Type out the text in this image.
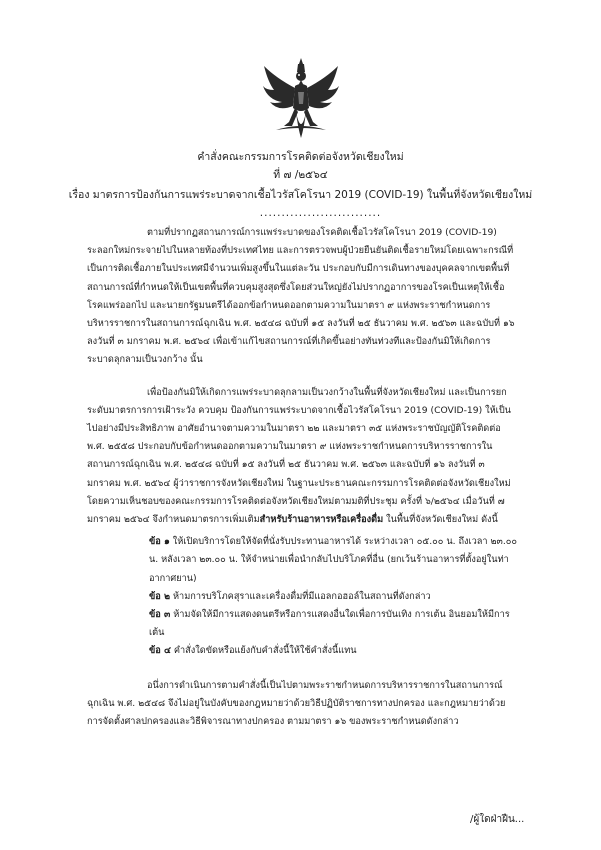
คำสั่งคณะกรรมการโรคติดต่อจังหวัดเชียงใหม่
ที่ ๗ /๒๕๖๔
เรื่อง มาตรการป้องกันการแพร่ระบาดจากเชื้อไวรัสโคโรนา 2019 (COVID-19) ในพื้นที่จังหวัดเชียงใหม่
............................

ตามที่ปรากฏสถานการณ์การแพร่ระบาดของโรคติดเชื้อไวรัสโคโรนา 2019 (COVID-19) ระลอกใหม่กระจายไปในหลายท้องที่ประเทศไทย และการตรวจพบผู้ป่วยยืนยันติดเชื้อรายใหม่โดยเฉพาะกรณีที่เป็นการติดเชื้อภายในประเทศมีจำนวนเพิ่มสูงขึ้นในแต่ละวัน ประกอบกับมีการเดินทางของบุคคลจากเขตพื้นที่สถานการณ์ที่กำหนดให้เป็นเขตพื้นที่ควบคุมสูงสุดซึ่งโดยส่วนใหญ่ยังไม่ปรากฏอาการของโรคเป็นเหตุให้เชื้อโรคแพร่ออกไป และนายกรัฐมนตรีได้ออกข้อกำหนดออกตามความในมาตรา ๙ แห่งพระราชกำหนดการบริหารราชการในสถานการณ์ฉุกเฉิน พ.ศ. ๒๕๔๘ ฉบับที่ ๑๕ ลงวันที่ ๒๕ ธันวาคม พ.ศ. ๒๕๖๓ และฉบับที่ ๑๖ ลงวันที่ ๓ มกราคม พ.ศ. ๒๕๖๔ เพื่อเข้าแก้ไขสถานการณ์ที่เกิดขึ้นอย่างทันท่วงทีและป้องกันมิให้เกิดการระบาดลุกลามเป็นวงกว้าง นั้น

เพื่อป้องกันมิให้เกิดการแพร่ระบาดลุกลามเป็นวงกว้างในพื้นที่จังหวัดเชียงใหม่ และเป็นการยกระดับมาตรการการเฝ้าระวัง ควบคุม ป้องกันการแพร่ระบาดจากเชื้อไวรัสโคโรนา 2019 (COVID-19) ให้เป็นไปอย่างมีประสิทธิภาพ อาศัยอำนาจตามความในมาตรา ๒๒ และมาตรา ๓๕ แห่งพระราชบัญญัติโรคติดต่อ พ.ศ. ๒๕๕๘ ประกอบกับข้อกำหนดออกตามความในมาตรา ๙ แห่งพระราชกำหนดการบริหารราชการในสถานการณ์ฉุกเฉิน พ.ศ. ๒๕๔๘ ฉบับที่ ๑๕ ลงวันที่ ๒๕ ธันวาคม พ.ศ. ๒๕๖๓ และฉบับที่ ๑๖ ลงวันที่ ๓ มกราคม พ.ศ. ๒๕๖๔ ผู้ว่าราชการจังหวัดเชียงใหม่ ในฐานะประธานคณะกรรมการโรคติดต่อจังหวัดเชียงใหม่ โดยความเห็นชอบของคณะกรรมการโรคติดต่อจังหวัดเชียงใหม่ตามมติที่ประชุม ครั้งที่ ๖/๒๕๖๔ เมื่อวันที่ ๗ มกราคม ๒๕๖๔ จึงกำหนดมาตรการเพิ่มเติมสำหรับร้านอาหารหรือเครื่องดื่ม ในพื้นที่จังหวัดเชียงใหม่ ดังนี้

ข้อ ๑ ให้เปิดบริการโดยให้จัดที่นั่งรับประทานอาหารได้ ระหว่างเวลา ๐๕.๐๐ น. ถึงเวลา ๒๓.๐๐ น. หลังเวลา ๒๓.๐๐ น. ให้จำหน่ายเพื่อนำกลับไปบริโภคที่อื่น (ยกเว้นร้านอาหารที่ตั้งอยู่ในท่าอากาศยาน)

ข้อ ๒ ห้ามการบริโภคสุราและเครื่องดื่มที่มีแอลกอฮอล์ในสถานที่ดังกล่าว

ข้อ ๓ ห้ามจัดให้มีการแสดงดนตรีหรือการแสดงอื่นใดเพื่อการบันเทิง การเต้น อินยอมให้มีการเต้น

ข้อ ๔ คำสั่งใดขัดหรือแย้งกับคำสั่งนี้ให้ใช้คำสั่งนี้แทน

อนึ่งการดำเนินการตามคำสั่งนี้เป็นไปตามพระราชกำหนดการบริหารราชการในสถานการณ์ฉุกเฉิน พ.ศ. ๒๕๔๘ จึงไม่อยู่ในบังคับของกฎหมายว่าด้วยวิธีปฏิบัติราชการทางปกครอง และกฎหมายว่าด้วยการจัดตั้งศาลปกครองและวิธีพิจารณาทางปกครอง ตามมาตรา ๑๖ ของพระราชกำหนดดังกล่าว

/ผู้ใดฝ่าฝืน...
